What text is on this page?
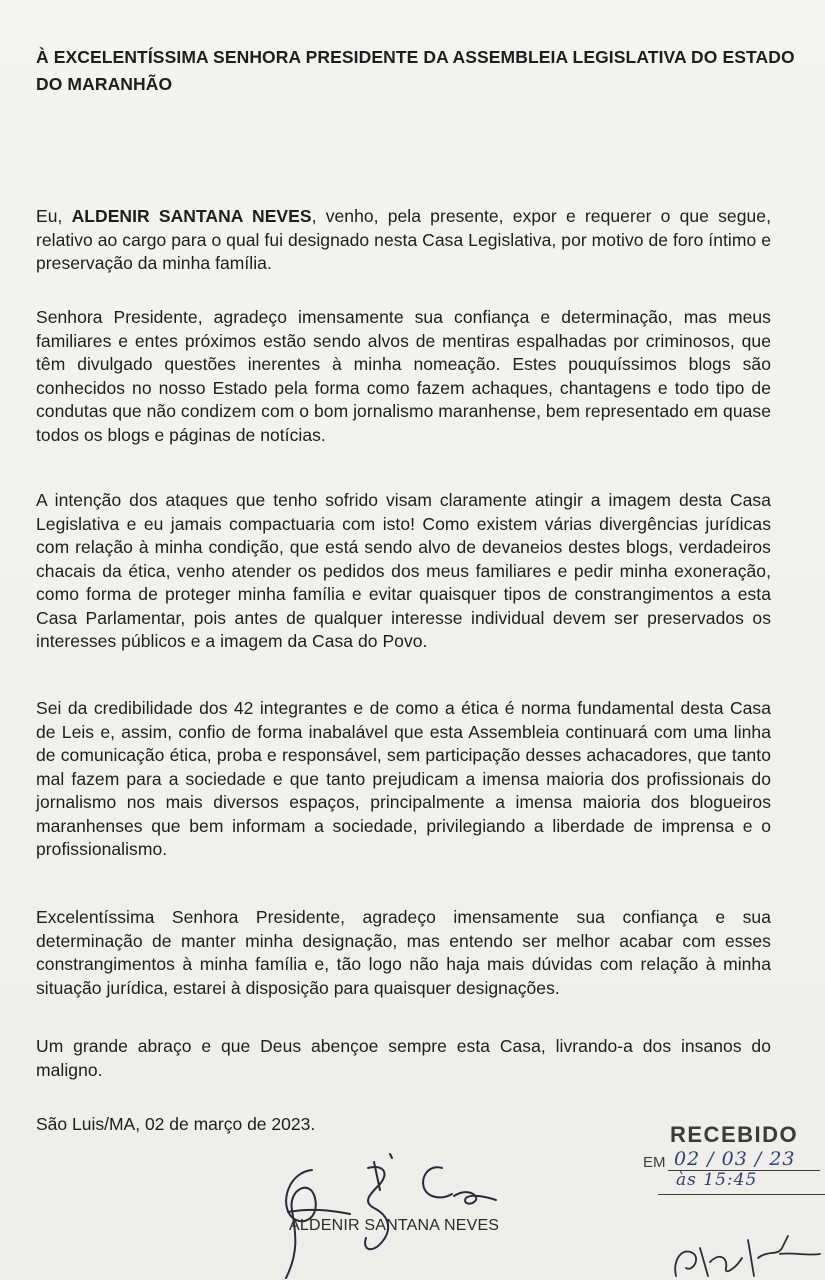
À EXCELENTÍSSIMA SENHORA PRESIDENTE DA ASSEMBLEIA LEGISLATIVA DO ESTADO DO MARANHÃO
Eu, ALDENIR SANTANA NEVES, venho, pela presente, expor e requerer o que segue, relativo ao cargo para o qual fui designado nesta Casa Legislativa, por motivo de foro íntimo e preservação da minha família.
Senhora Presidente, agradeço imensamente sua confiança e determinação, mas meus familiares e entes próximos estão sendo alvos de mentiras espalhadas por criminosos, que têm divulgado questões inerentes à minha nomeação. Estes pouquíssimos blogs são conhecidos no nosso Estado pela forma como fazem achaques, chantagens e todo tipo de condutas que não condizem com o bom jornalismo maranhense, bem representado em quase todos os blogs e páginas de notícias.
A intenção dos ataques que tenho sofrido visam claramente atingir a imagem desta Casa Legislativa e eu jamais compactuaria com isto! Como existem várias divergências jurídicas com relação à minha condição, que está sendo alvo de devaneios destes blogs, verdadeiros chacais da ética, venho atender os pedidos dos meus familiares e pedir minha exoneração, como forma de proteger minha família e evitar quaisquer tipos de constrangimentos a esta Casa Parlamentar, pois antes de qualquer interesse individual devem ser preservados os interesses públicos e a imagem da Casa do Povo.
Sei da credibilidade dos 42 integrantes e de como a ética é norma fundamental desta Casa de Leis e, assim, confio de forma inabalável que esta Assembleia continuará com uma linha de comunicação ética, proba e responsável, sem participação desses achacadores, que tanto mal fazem para a sociedade e que tanto prejudicam a imensa maioria dos profissionais do jornalismo nos mais diversos espaços, principalmente a imensa maioria dos blogueiros maranhenses que bem informam a sociedade, privilegiando a liberdade de imprensa e o profissionalismo.
Excelentíssima Senhora Presidente, agradeço imensamente sua confiança e sua determinação de manter minha designação, mas entendo ser melhor acabar com esses constrangimentos à minha família e, tão logo não haja mais dúvidas com relação à minha situação jurídica, estarei à disposição para quaisquer designações.
Um grande abraço e que Deus abençoe sempre esta Casa, livrando-a dos insanos do maligno.
São Luis/MA, 02 de março de 2023.
ALDENIR SANTANA NEVES
RECEBIDO
EM 02 / 03 / 23
às 15:45
